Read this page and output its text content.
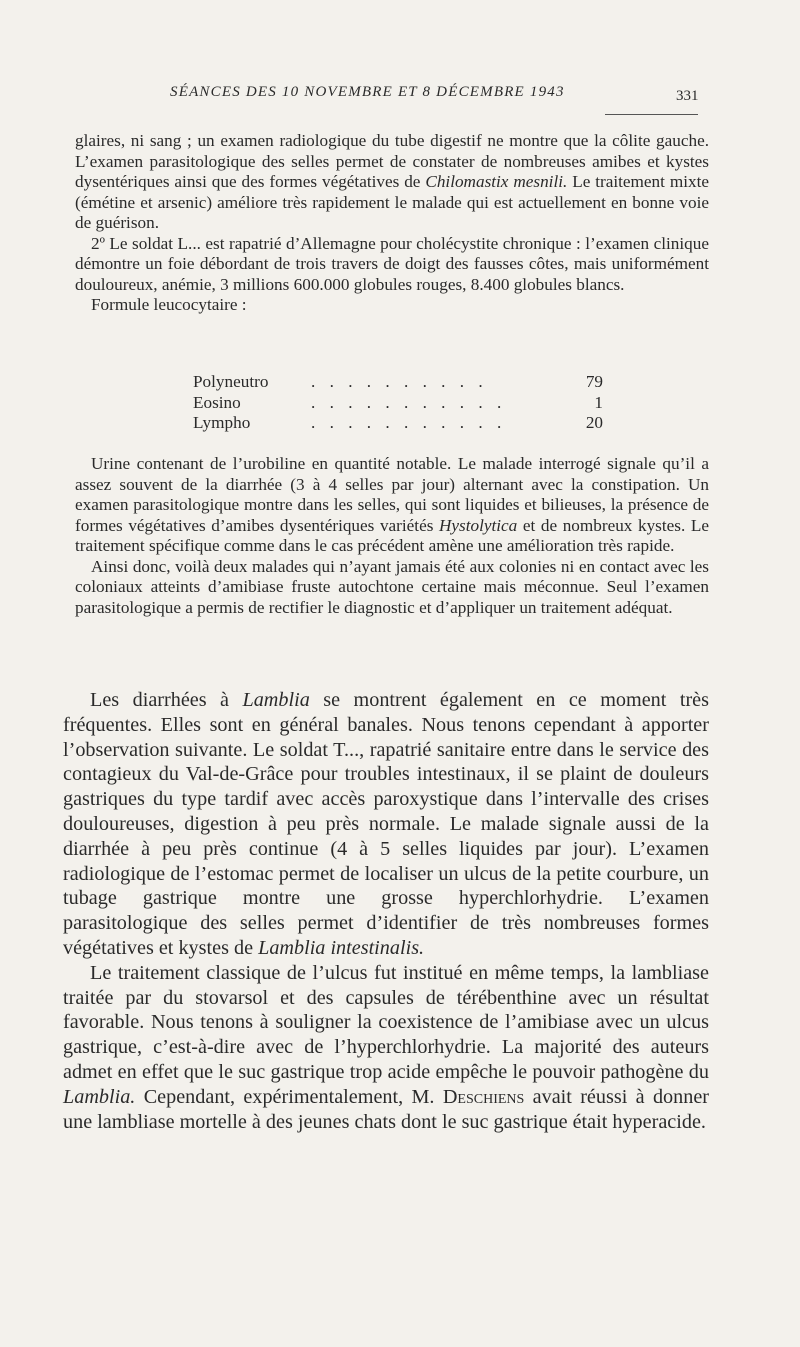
SÉANCES DES 10 NOVEMBRE ET 8 DÉCEMBRE 1943	331

glaires, ni sang ; un examen radiologique du tube digestif ne montre que la côlite gauche. L’examen parasitologique des selles permet de constater de nombreuses amibes et kystes dysentériques ainsi que des formes végétatives de Chilomastix mesnili. Le traitement mixte (émétine et arsenic) améliore très rapidement le malade qui est actuellement en bonne voie de guérison.

2º Le soldat L... est rapatrié d’Allemagne pour cholécystite chronique : l’examen clinique démontre un foie débordant de trois travers de doigt des fausses côtes, mais uniformément douloureux, anémie, 3 millions 600.000 globules rouges, 8.400 globules blancs.

Formule leucocytaire :

Polyneutro	. . . . . . . . . .	79
Eosino	. . . . . . . . . . .	1
Lympho	. . . . . . . . . . .	20

Urine contenant de l’urobiline en quantité notable. Le malade interrogé signale qu’il a assez souvent de la diarrhée (3 à 4 selles par jour) alternant avec la constipation. Un examen parasitologique montre dans les selles, qui sont liquides et bilieuses, la présence de formes végétatives d’amibes dysentériques variétés Hystolytica et de nombreux kystes. Le traitement spécifique comme dans le cas précédent amène une amélioration très rapide.

Ainsi donc, voilà deux malades qui n’ayant jamais été aux colonies ni en contact avec les coloniaux atteints d’amibiase fruste autochtone certaine mais méconnue. Seul l’examen parasitologique a permis de rectifier le diagnostic et d’appliquer un traitement adéquat.

Les diarrhées à Lamblia se montrent également en ce moment très fréquentes. Elles sont en général banales. Nous tenons cependant à apporter l’observation suivante. Le soldat T..., rapatrié sanitaire entre dans le service des contagieux du Val-de-Grâce pour troubles intestinaux, il se plaint de douleurs gastriques du type tardif avec accès paroxystique dans l’intervalle des crises douloureuses, digestion à peu près normale. Le malade signale aussi de la diarrhée à peu près continue (4 à 5 selles liquides par jour). L’examen radiologique de l’estomac permet de localiser un ulcus de la petite courbure, un tubage gastrique montre une grosse hyperchlorhydrie. L’examen parasitologique des selles permet d’identifier de très nombreuses formes végétatives et kystes de Lamblia intestinalis.

Le traitement classique de l’ulcus fut institué en même temps, la lambliase traitée par du stovarsol et des capsules de térébenthine avec un résultat favorable. Nous tenons à souligner la coexistence de l’amibiase avec un ulcus gastrique, c’est-à-dire avec de l’hyperchlorhydrie. La majorité des auteurs admet en effet que le suc gastrique trop acide empêche le pouvoir pathogène du Lamblia. Cependant, expérimentalement, M. Deschiens avait réussi à donner une lambliase mortelle à des jeunes chats dont le suc gastrique était hyperacide.
